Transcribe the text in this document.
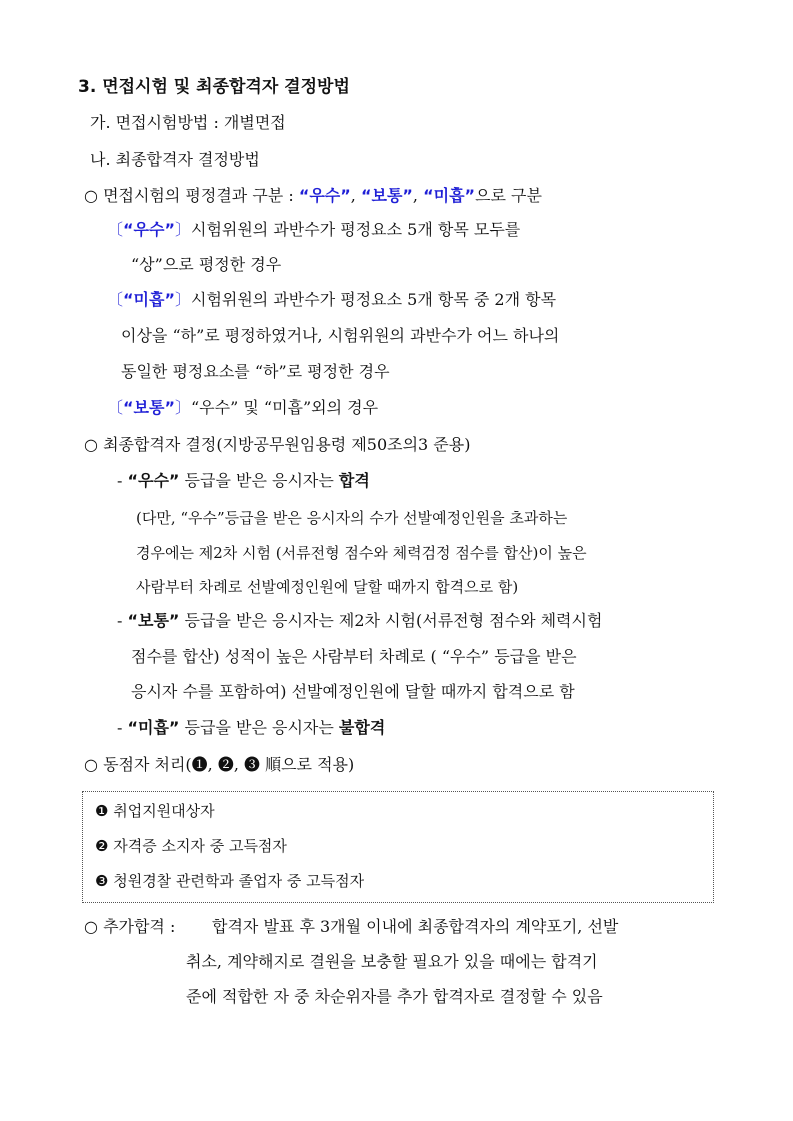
3. 면접시험 및 최종합격자 결정방법
가. 면접시험방법 : 개별면접
나. 최종합격자 결정방법
○ 면접시험의 평정결과 구분 : “우수”, “보통”, “미흡”으로 구분
〔“우수”〕시험위원의 과반수가 평정요소 5개 항목 모두를
“상”으로 평정한 경우
〔“미흡”〕시험위원의 과반수가 평정요소 5개 항목 중 2개 항목
이상을 “하”로 평정하였거나, 시험위원의 과반수가 어느 하나의
동일한 평정요소를 “하”로 평정한 경우
〔“보통”〕“우수” 및 “미흡”외의 경우
○ 최종합격자 결정(지방공무원임용령 제50조의3 준용)
- “우수” 등급을 받은 응시자는 합격
(다만, “우수”등급을 받은 응시자의 수가 선발예정인원을 초과하는
경우에는 제2차 시험 (서류전형 점수와 체력검정 점수를 합산)이 높은
사람부터 차례로 선발예정인원에 달할 때까지 합격으로 함)
- “보통” 등급을 받은 응시자는 제2차 시험(서류전형 점수와 체력시험
점수를 합산) 성적이 높은 사람부터 차례로 ( “우수” 등급을 받은
응시자 수를 포함하여) 선발예정인원에 달할 때까지 합격으로 함
- “미흡” 등급을 받은 응시자는 불합격
○ 동점자 처리(❶, ❷, ❸ 順으로 적용)
❶ 취업지원대상자
❷ 자격증 소지자 중 고득점자
❸ 청원경찰 관련학과 졸업자 중 고득점자
○ 추가합격 : 합격자 발표 후 3개월 이내에 최종합격자의 계약포기, 선발
취소, 계약해지로 결원을 보충할 필요가 있을 때에는 합격기
준에 적합한 자 중 차순위자를 추가 합격자로 결정할 수 있음
